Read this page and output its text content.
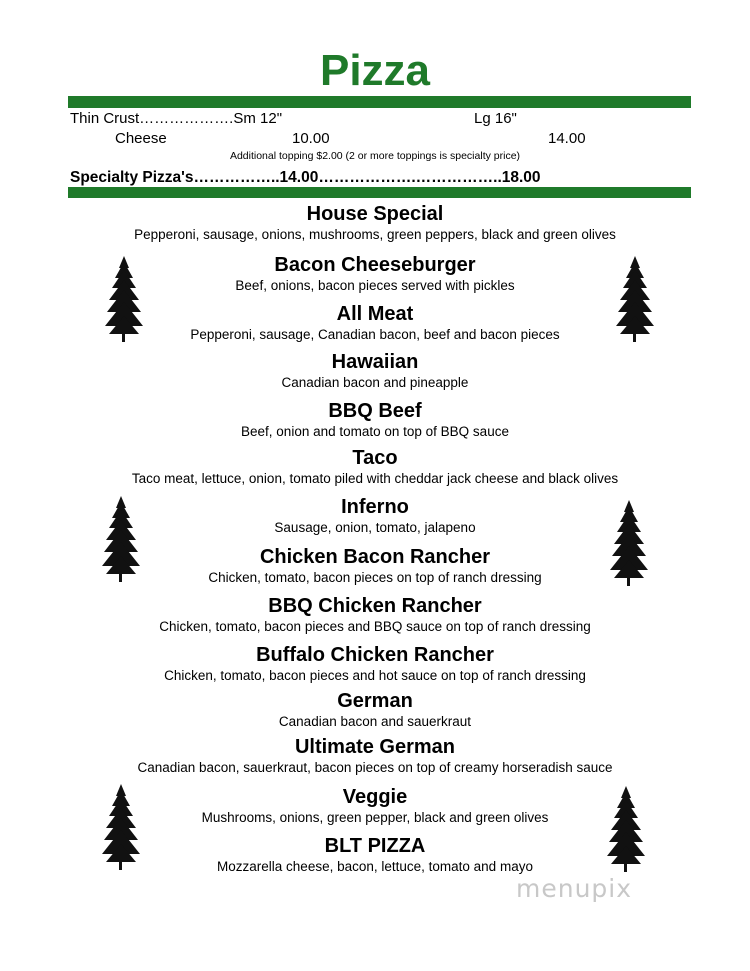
Pizza
Thin Crust……………….Sm 12"	Lg 16"
Cheese	10.00	14.00
Additional topping $2.00 (2 or more toppings is specialty price)
Specialty Pizza's……………..14.00……………….……………..18.00
House Special
Pepperoni, sausage, onions, mushrooms, green peppers, black and green olives
Bacon Cheeseburger
Beef, onions, bacon pieces served with pickles
All Meat
Pepperoni, sausage, Canadian bacon, beef and bacon pieces
Hawaiian
Canadian bacon and pineapple
BBQ Beef
Beef, onion and tomato on top of BBQ sauce
Taco
Taco meat, lettuce, onion, tomato piled with cheddar jack cheese and black olives
Inferno
Sausage, onion, tomato, jalapeno
Chicken Bacon Rancher
Chicken, tomato, bacon pieces on top of ranch dressing
BBQ Chicken Rancher
Chicken, tomato, bacon pieces and BBQ sauce on top of ranch dressing
Buffalo Chicken Rancher
Chicken, tomato, bacon pieces and hot sauce on top of ranch dressing
German
Canadian bacon and sauerkraut
Ultimate German
Canadian bacon, sauerkraut, bacon pieces on top of creamy horseradish sauce
Veggie
Mushrooms, onions, green pepper, black and green olives
BLT PIZZA
Mozzarella cheese, bacon, lettuce, tomato and mayo
menupix
